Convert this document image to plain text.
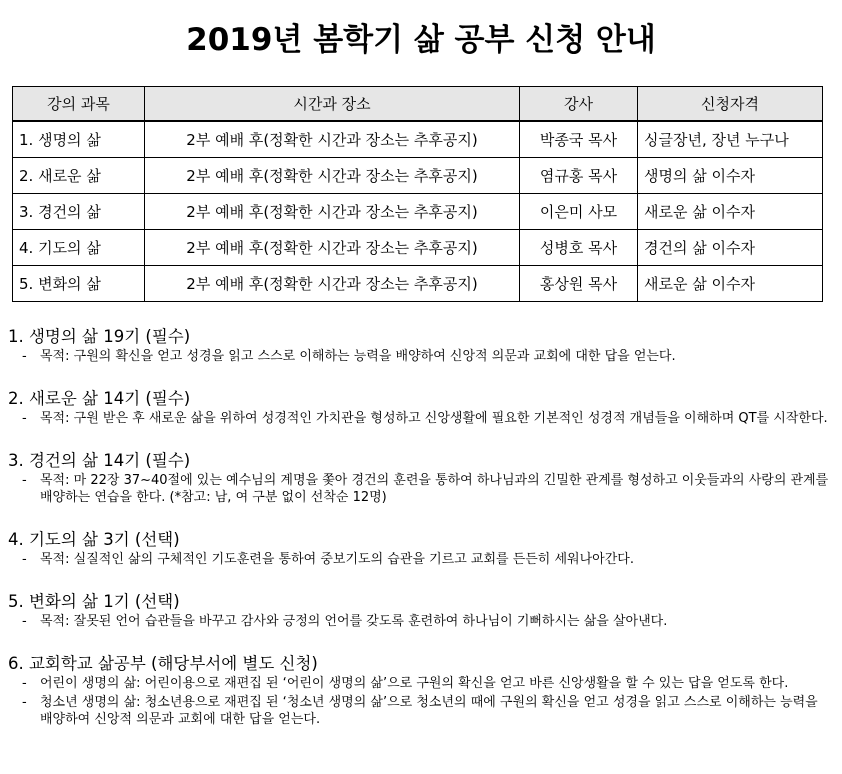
2019년 봄학기 삶 공부 신청 안내
강의 과목	시간과 장소	강사	신청자격
1. 생명의 삶	2부 예배 후(정확한 시간과 장소는 추후공지)	박종국 목사	싱글장년, 장년 누구나
2. 새로운 삶	2부 예배 후(정확한 시간과 장소는 추후공지)	염규홍 목사	생명의 삶 이수자
3. 경건의 삶	2부 예배 후(정확한 시간과 장소는 추후공지)	이은미 사모	새로운 삶 이수자
4. 기도의 삶	2부 예배 후(정확한 시간과 장소는 추후공지)	성병호 목사	경건의 삶 이수자
5. 변화의 삶	2부 예배 후(정확한 시간과 장소는 추후공지)	홍상원 목사	새로운 삶 이수자
1. 생명의 삶 19기 (필수)
-	목적: 구원의 확신을 얻고 성경을 읽고 스스로 이해하는 능력을 배양하여 신앙적 의문과 교회에 대한 답을 얻는다.
2. 새로운 삶 14기 (필수)
-	목적: 구원 받은 후 새로운 삶을 위하여 성경적인 가치관을 형성하고 신앙생활에 필요한 기본적인 성경적 개념들을 이해하며 QT를 시작한다.
3. 경건의 삶 14기 (필수)
-	목적: 마 22장 37~40절에 있는 예수님의 계명을 쫓아 경건의 훈련을 통하여 하나님과의 긴밀한 관계를 형성하고 이웃들과의 사랑의 관계를 배양하는 연습을 한다. (*참고: 남, 여 구분 없이 선착순 12명)
4. 기도의 삶 3기 (선택)
-	목적: 실질적인 삶의 구체적인 기도훈련을 통하여 중보기도의 습관을 기르고 교회를 든든히 세워나아간다.
5. 변화의 삶 1기 (선택)
-	목적: 잘못된 언어 습관들을 바꾸고 감사와 긍정의 언어를 갖도록 훈련하여 하나님이 기뻐하시는 삶을 살아낸다.
6. 교회학교 삶공부 (해당부서에 별도 신청)
-	어린이 생명의 삶: 어린이용으로 재편집 된 ‘어린이 생명의 삶’으로 구원의 확신을 얻고 바른 신앙생활을 할 수 있는 답을 얻도록 한다.
-	청소년 생명의 삶: 청소년용으로 재편집 된 ‘청소년 생명의 삶’으로 청소년의 때에 구원의 확신을 얻고 성경을 읽고 스스로 이해하는 능력을 배양하여 신앙적 의문과 교회에 대한 답을 얻는다.
